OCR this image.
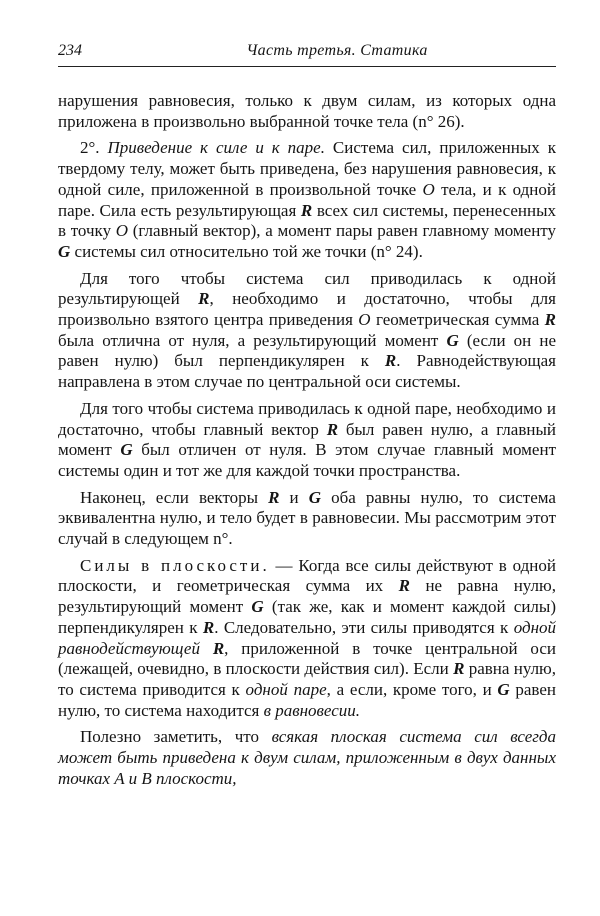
234	Часть третья. Статика

нарушения равновесия, только к двум силам, из которых одна приложена в произвольно выбранной точке тела (n° 26).

2°. Приведение к силе и к паре. Система сил, приложенных к твердому телу, может быть приведена, без нарушения равновесия, к одной силе, приложенной в произвольной точке O тела, и к одной паре. Сила есть результирующая R всех сил системы, перенесенных в точку O (главный вектор), а момент пары равен главному моменту G системы сил относительно той же точки (n° 24).

Для того чтобы система сил приводилась к одной результирующей R, необходимо и достаточно, чтобы для произвольно взятого центра приведения O геометрическая сумма R была отлична от нуля, а результирующий момент G (если он не равен нулю) был перпендикулярен к R. Равнодействующая направлена в этом случае по центральной оси системы.

Для того чтобы система приводилась к одной паре, необходимо и достаточно, чтобы главный вектор R был равен нулю, а главный момент G был отличен от нуля. В этом случае главный момент системы один и тот же для каждой точки пространства.

Наконец, если векторы R и G оба равны нулю, то система эквивалентна нулю, и тело будет в равновесии. Мы рассмотрим этот случай в следующем n°.

Силы в плоскости. — Когда все силы действуют в одной плоскости, и геометрическая сумма их R не равна нулю, результирующий момент G (так же, как и момент каждой силы) перпендикулярен к R. Следовательно, эти силы приводятся к одной равнодействующей R, приложенной в точке центральной оси (лежащей, очевидно, в плоскости действия сил). Если R равна нулю, то система приводится к одной паре, а если, кроме того, и G равен нулю, то система находится в равновесии.

Полезно заметить, что всякая плоская система сил всегда может быть приведена к двум силам, приложенным в двух данных точках A и B плоскости,
